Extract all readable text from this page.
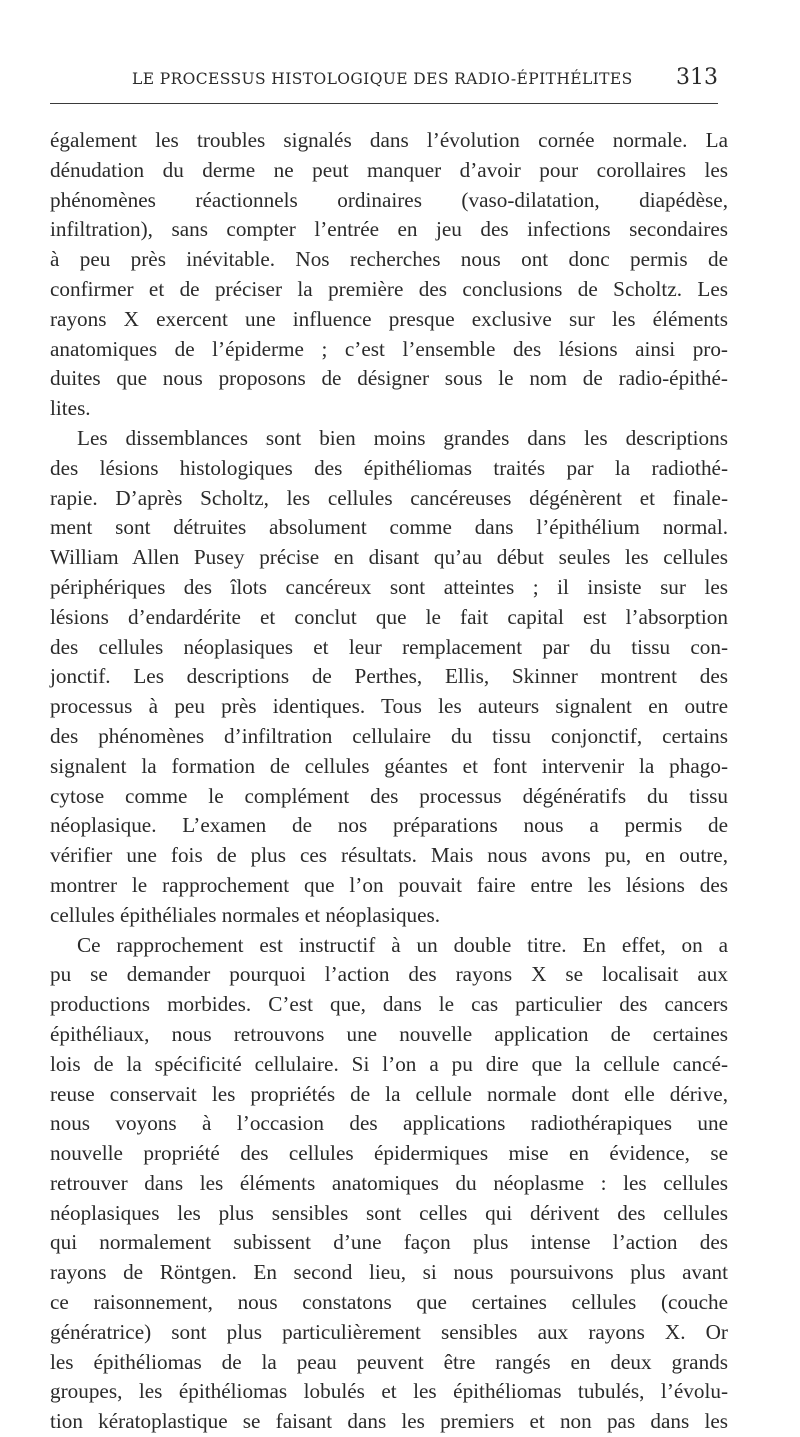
LE PROCESSUS HISTOLOGIQUE DES RADIO-ÉPITHÉLITES 313
également les troubles signalés dans l’évolution cornée normale. La
dénudation du derme ne peut manquer d’avoir pour corollaires les
phénomènes réactionnels ordinaires (vaso-dilatation, diapédèse,
infiltration), sans compter l’entrée en jeu des infections secondaires
à peu près inévitable. Nos recherches nous ont donc permis de
confirmer et de préciser la première des conclusions de Scholtz. Les
rayons X exercent une influence presque exclusive sur les éléments
anatomiques de l’épiderme ; c’est l’ensemble des lésions ainsi pro-
duites que nous proposons de désigner sous le nom de radio-épithé-
lites.
Les dissemblances sont bien moins grandes dans les descriptions
des lésions histologiques des épithéliomas traités par la radiothé-
rapie. D’après Scholtz, les cellules cancéreuses dégénèrent et finale-
ment sont détruites absolument comme dans l’épithélium normal.
William Allen Pusey précise en disant qu’au début seules les cellules
périphériques des îlots cancéreux sont atteintes ; il insiste sur les
lésions d’endardérite et conclut que le fait capital est l’absorption
des cellules néoplasiques et leur remplacement par du tissu con-
jonctif. Les descriptions de Perthes, Ellis, Skinner montrent des
processus à peu près identiques. Tous les auteurs signalent en outre
des phénomènes d’infiltration cellulaire du tissu conjonctif, certains
signalent la formation de cellules géantes et font intervenir la phago-
cytose comme le complément des processus dégénératifs du tissu
néoplasique. L’examen de nos préparations nous a permis de
vérifier une fois de plus ces résultats. Mais nous avons pu, en outre,
montrer le rapprochement que l’on pouvait faire entre les lésions des
cellules épithéliales normales et néoplasiques.
Ce rapprochement est instructif à un double titre. En effet, on a
pu se demander pourquoi l’action des rayons X se localisait aux
productions morbides. C’est que, dans le cas particulier des cancers
épithéliaux, nous retrouvons une nouvelle application de certaines
lois de la spécificité cellulaire. Si l’on a pu dire que la cellule cancé-
reuse conservait les propriétés de la cellule normale dont elle dérive,
nous voyons à l’occasion des applications radiothérapiques une
nouvelle propriété des cellules épidermiques mise en évidence, se
retrouver dans les éléments anatomiques du néoplasme : les cellules
néoplasiques les plus sensibles sont celles qui dérivent des cellules
qui normalement subissent d’une façon plus intense l’action des
rayons de Röntgen. En second lieu, si nous poursuivons plus avant
ce raisonnement, nous constatons que certaines cellules (couche
génératrice) sont plus particulièrement sensibles aux rayons X. Or
les épithéliomas de la peau peuvent être rangés en deux grands
groupes, les épithéliomas lobulés et les épithéliomas tubulés, l’évolu-
tion kératoplastique se faisant dans les premiers et non pas dans les
